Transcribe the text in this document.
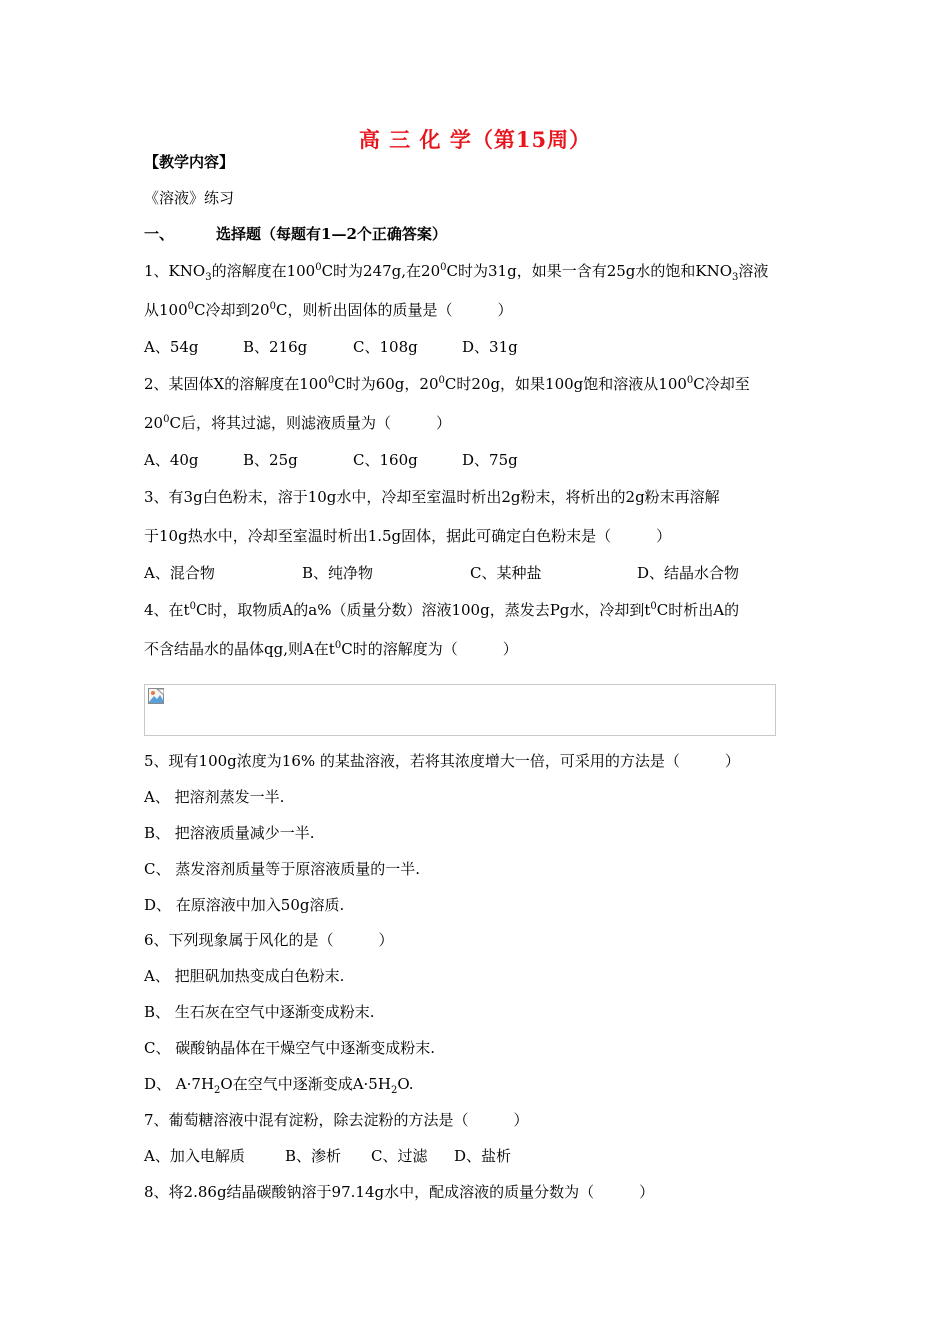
高 三 化 学（第15周）
【教学内容】
《溶液》练习
一、	选择题（每题有1—2个正确答案）
1、$KNO_3$的溶解度在$100^0C$时为247g,在$20^0C$时为31g，如果一含有25g水的饱和$KNO_3$溶液
从$100^0C$冷却到$20^0C$，则析出固体的质量是（　　　）
A、54g	B、216g	C、108g	D、31g
2、某固体X的溶解度在$100^0C$时为60g，$20^0C$时20g，如果100g饱和溶液从$100^0C$冷却至
$20^0C$后，将其过滤，则滤液质量为（　　　）
A、40g	B、25g	C、160g	D、75g
3、有3g白色粉末，溶于10g水中，冷却至室温时析出2g粉末，将析出的2g粉末再溶解
于10g热水中，冷却至室温时析出1.5g固体，据此可确定白色粉末是（　　　）
A、混合物	B、纯净物	C、某种盐	D、结晶水合物
4、在$t^0C$时，取物质A的a%（质量分数）溶液100g，蒸发去Pg水，冷却到$t^0C$时析出A的
不含结晶水的晶体qg,则A在$t^0C$时的溶解度为（　　　）
5、现有100g浓度为16% 的某盐溶液，若将其浓度增大一倍，可采用的方法是（　　　）
A、 把溶剂蒸发一半.
B、 把溶液质量减少一半.
C、 蒸发溶剂质量等于原溶液质量的一半.
D、 在原溶液中加入50g溶质.
6、下列现象属于风化的是（　　　）
A、 把胆矾加热变成白色粉末.
B、 生石灰在空气中逐渐变成粉末.
C、 碳酸钠晶体在干燥空气中逐渐变成粉末.
D、 $A\cdot 7H_2O$在空气中逐渐变成$A\cdot 5H_2O$.
7、葡萄糖溶液中混有淀粉，除去淀粉的方法是（　　　）
A、加入电解质	B、渗析 C、过滤 D、盐析
8、将2.86g结晶碳酸钠溶于97.14g水中，配成溶液的质量分数为（　　　）
